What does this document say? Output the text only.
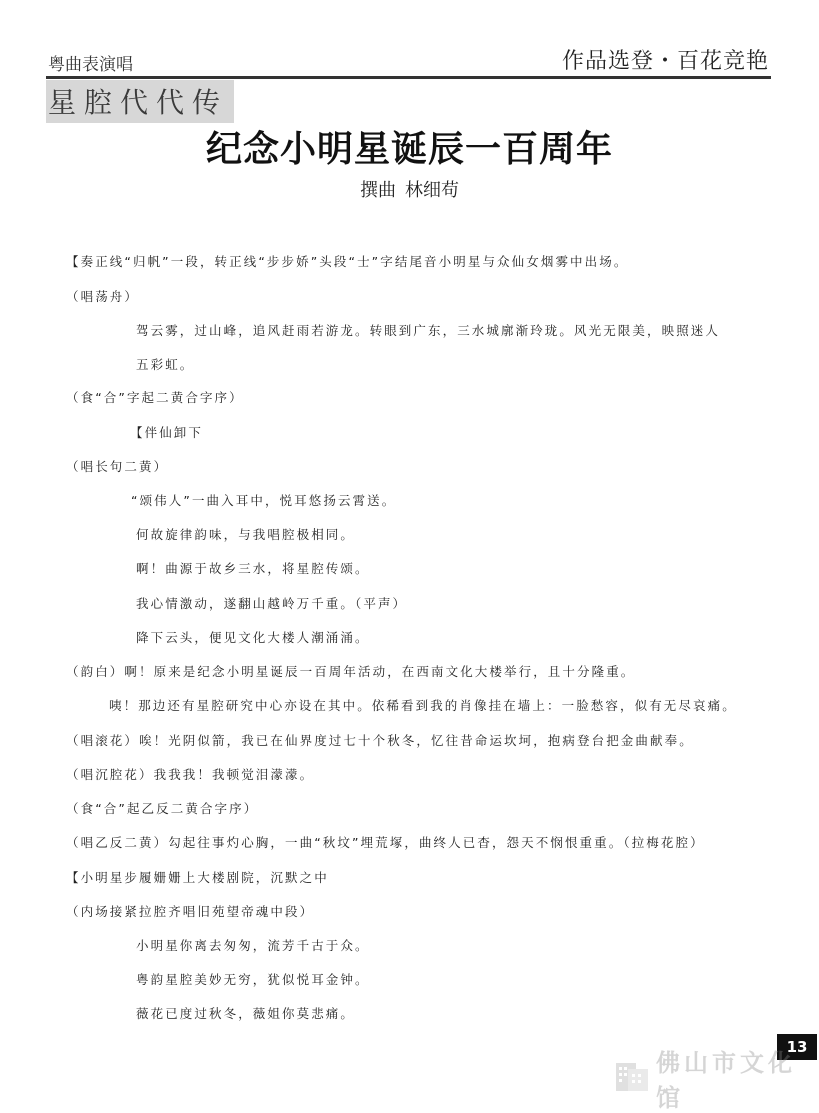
粤曲表演唱	作品选登・百花竞艳
星腔代代传
纪念小明星诞辰一百周年
撰曲 林细苟
【奏正线“归帆”一段，转正线“步步娇”头段“士”字结尾音小明星与众仙女烟雾中出场。
（唱荡舟）
驾云雾，过山峰，追风赶雨若游龙。转眼到广东，三水城廓渐玲珑。风光无限美，映照迷人
五彩虹。
（食“合”字起二黄合字序）
【伴仙卸下
（唱长句二黄）
“颂伟人”一曲入耳中，悦耳悠扬云霄送。
何故旋律韵味，与我唱腔极相同。
啊！曲源于故乡三水，将星腔传颂。
我心情激动，遂翻山越岭万千重。（平声）
降下云头，便见文化大楼人潮涌涌。
（韵白）啊！原来是纪念小明星诞辰一百周年活动，在西南文化大楼举行，且十分隆重。
咦！那边还有星腔研究中心亦设在其中。依稀看到我的肖像挂在墙上：一脸愁容，似有无尽哀痛。
（唱滚花）唉！光阴似箭，我已在仙界度过七十个秋冬，忆往昔命运坎坷，抱病登台把金曲献奉。
（唱沉腔花）我我我！我顿觉泪濛濛。
（食“合”起乙反二黄合字序）
（唱乙反二黄）勾起往事灼心胸，一曲“秋坟”埋荒塚，曲终人已杳，怨天不悯恨重重。（拉梅花腔）
【小明星步履姗姗上大楼剧院，沉默之中
（内场接紧拉腔齐唱旧苑望帝魂中段）
小明星你离去匆匆，流芳千古于众。
粤韵星腔美妙无穷，犹似悦耳金钟。
薇花已度过秋冬，薇姐你莫悲痛。
13
佛山市文化馆
